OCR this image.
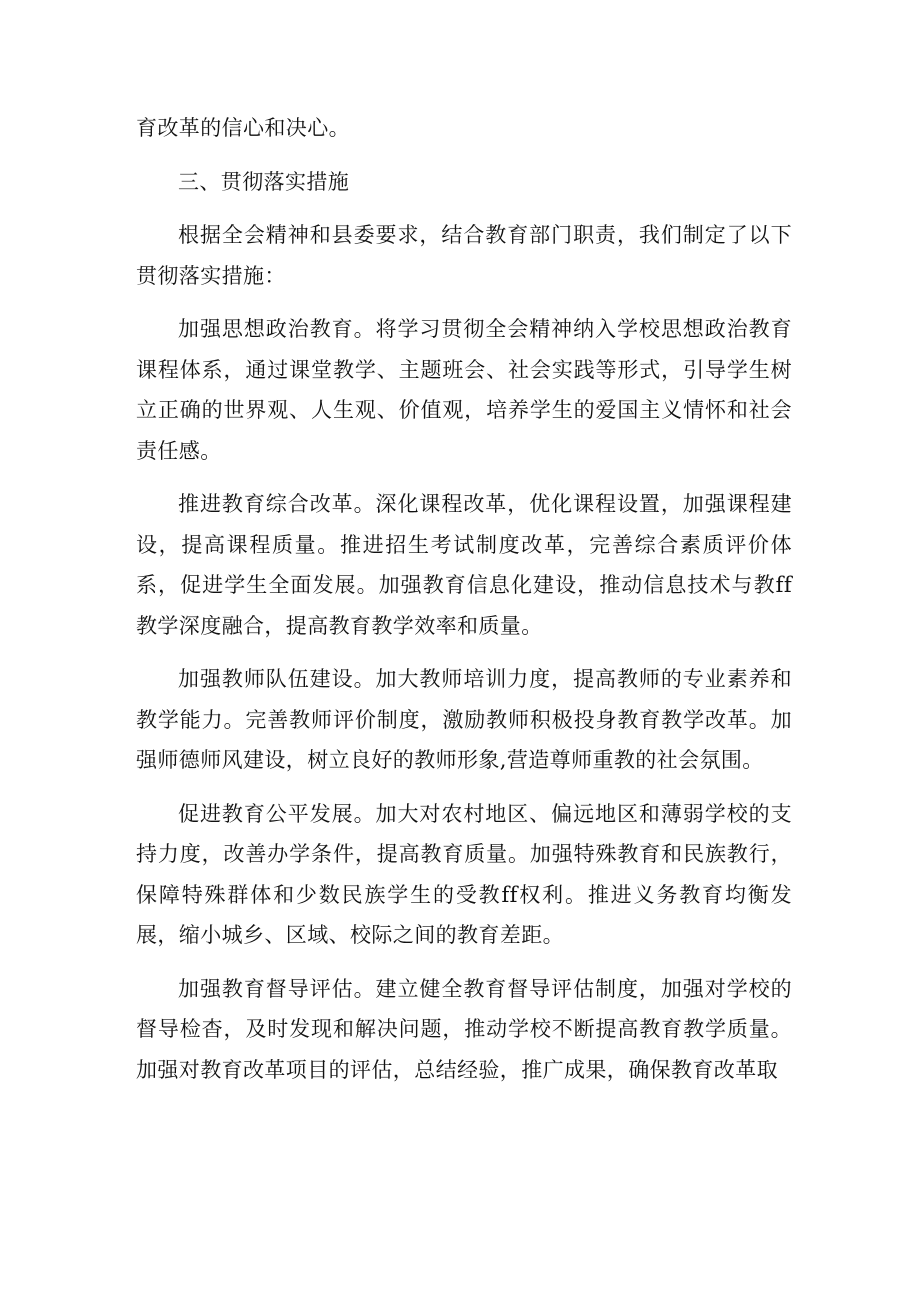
育改革的信心和决心。

三、贯彻落实措施

根据全会精神和县委要求，结合教育部门职责，我们制定了以下贯彻落实措施：

加强思想政治教育。将学习贯彻全会精神纳入学校思想政治教育课程体系，通过课堂教学、主题班会、社会实践等形式，引导学生树立正确的世界观、人生观、价值观，培养学生的爱国主义情怀和社会责任感。

推进教育综合改革。深化课程改革，优化课程设置，加强课程建设，提高课程质量。推进招生考试制度改革，完善综合素质评价体系，促进学生全面发展。加强教育信息化建设，推动信息技术与教ff教学深度融合，提高教育教学效率和质量。

加强教师队伍建设。加大教师培训力度，提高教师的专业素养和教学能力。完善教师评价制度，激励教师积极投身教育教学改革。加强师德师风建设，树立良好的教师形象,营造尊师重教的社会氛围。

促进教育公平发展。加大对农村地区、偏远地区和薄弱学校的支持力度，改善办学条件，提高教育质量。加强特殊教育和民族教行，保障特殊群体和少数民族学生的受教ff权利。推进义务教育均衡发展，缩小城乡、区域、校际之间的教育差距。

加强教育督导评估。建立健全教育督导评估制度，加强对学校的督导检杳，及时发现和解决问题，推动学校不断提高教育教学质量。加强对教育改革项目的评估，总结经验，推广成果，确保教育改革取
